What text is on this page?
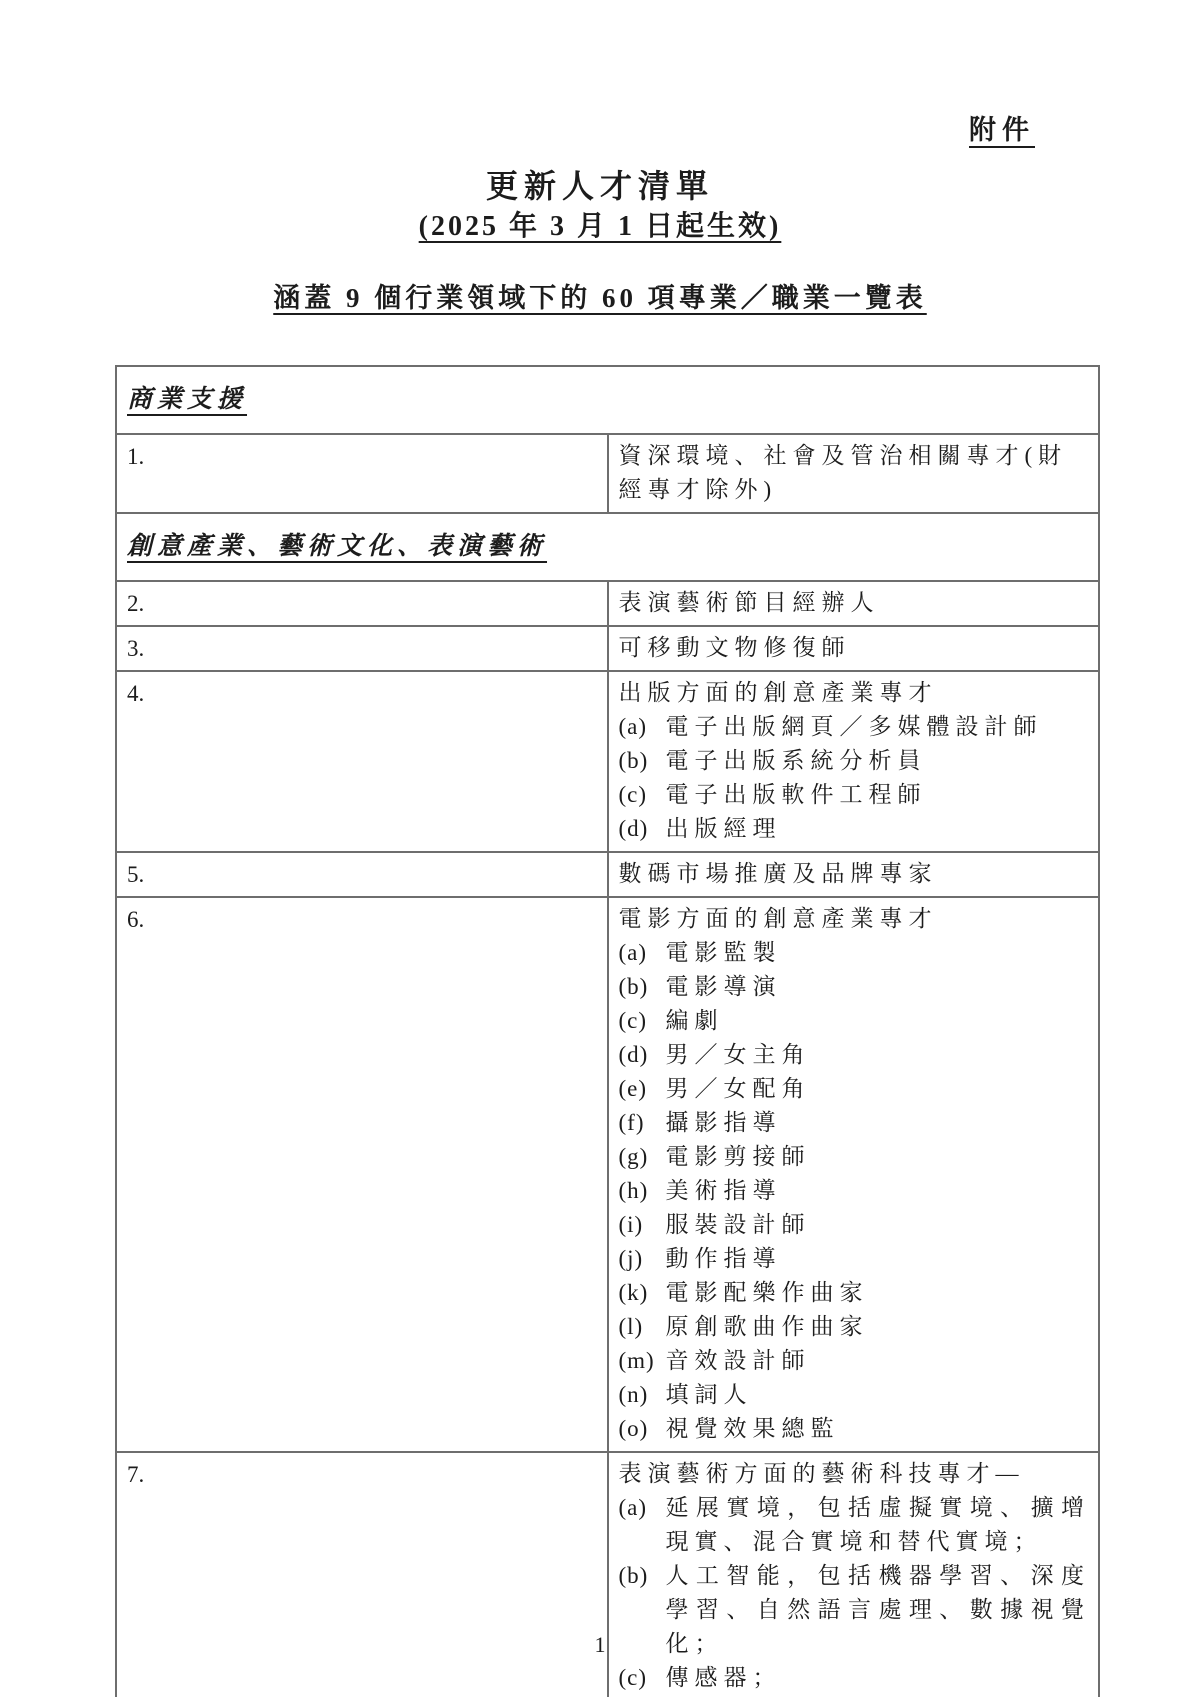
附件
更新人才清單
(2025 年 3 月 1 日起生效)
涵蓋 9 個行業領域下的 60 項專業／職業一覽表
商業支援	
1.	資深環境、社會及管治相關專才(財經專才除外)

創意產業、藝術文化、表演藝術	
2.	表演藝術節目經辦人

3.	可移動文物修復師

4.	出版方面的創意產業專才
(a) 電子出版網頁／多媒體設計師
(b) 電子出版系統分析員
(c) 電子出版軟件工程師
(d) 出版經理

5.	數碼市場推廣及品牌專家

6.	電影方面的創意產業專才
(a) 電影監製
(b) 電影導演
(c) 編劇
(d) 男／女主角
(e) 男／女配角
(f) 攝影指導
(g) 電影剪接師
(h) 美術指導
(i) 服裝設計師
(j) 動作指導
(k) 電影配樂作曲家
(l) 原創歌曲作曲家
(m) 音效設計師
(n) 填詞人
(o) 視覺效果總監

7.	表演藝術方面的藝術科技專才—
(a) 延展實境，包括虛擬實境、擴增現實、混合實境和替代實境；
(b) 人工智能，包括機器學習、深度學習、自然語言處理、數據視覺化；
(c) 傳感器；
1
